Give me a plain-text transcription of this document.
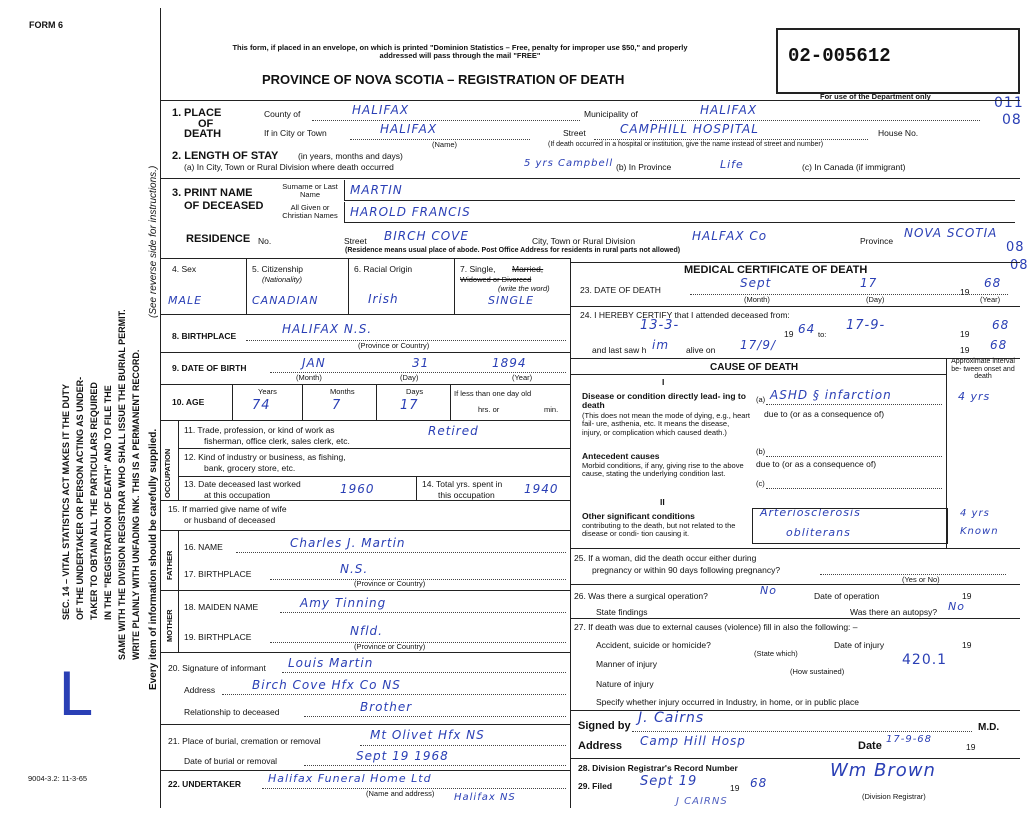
FORM 6
9004-3.2: 11-3-65
L
SEC. 14 – VITAL STATISTICS ACT MAKES IT THE DUTY OF THE UNDERTAKER OR PERSON ACTING AS UNDER- TAKER TO OBTAIN ALL THE PARTICULARS REQUIRED IN THE "REGISTRATION OF DEATH" AND TO FILE THE SAME WITH THE DIVISION REGISTRAR WHO SHALL ISSUE THE BURIAL PERMIT. WRITE PLAINLY WITH UNFADING INK. THIS IS A PERMANENT RECORD. Every item of information should be carefully supplied.
(See reverse side for instructions.)
This form, if placed in an envelope, on which is printed "Dominion Statistics – Free, penalty for improper use $50," and properly addressed will pass through the mail "FREE"
PROVINCE OF NOVA SCOTIA – REGISTRATION OF DEATH
02-005612
For use of the Department only	011
08
08
08
1. PLACE
OF
DEATH
County of	HALIFAX	Municipality of	HALIFAX
If in City or Town	HALIFAX
(Name)
Street	CAMPHILL HOSPITAL	House No.
(If death occurred in a hospital or institution, give the name instead of street and number)
2. LENGTH OF STAY (in years, months and days)
(a) In City, Town or Rural Division where death occurred	5 yrs Campbell (b) In Province	Life	(c) In Canada (if immigrant)
3. PRINT NAME
OF DECEASED
Surname or Last Name	MARTIN
All Given or Christian Names HAROLD FRANCIS
RESIDENCE No.	Street BIRCH COVE	City, Town or Rural Division	HALFAX Co	Province
NOVA SCOTIA
(Residence means usual place of abode. Post Office Address for residents in rural parts not allowed)
4. Sex
MALE
5. Citizenship
(Nationality)
CANADIAN
6. Racial Origin
Irish
7. Single, Married,
Widowed or Divorced
(write the word)
SINGLE
8. BIRTHPLACE	HALIFAX N.S.
(Province or Country)
9. DATE OF BIRTH	JAN	31	1894
(Month)	(Day)	(Year)
10. AGE
Years	Months	Days
74	7	17
If less than one day old
hrs. or	min.
OCCUPATION
11. Trade, profession, or kind of work as
fisherman, office clerk, sales clerk, etc.
Retired
12. Kind of industry or business, as fishing,
bank, grocery store, etc.
13. Date deceased last worked
at this occupation	1960	14. Total yrs. spent in
this occupation 1940
15. If married give name of wife
or husband of deceased
FATHER
16. NAME	Charles J. Martin
17. BIRTHPLACE	N.S.
(Province or Country)
MOTHER
18. MAIDEN NAME	Amy Tinning
19. BIRTHPLACE	Nfld.
(Province or Country)
20. Signature of informant Louis Martin
Address	Birch Cove Hfx Co NS
Relationship to deceased	Brother
21. Place of burial, cremation or removal	Mt Olivet Hfx NS
Date of burial or removal	Sept 19 1968
22. UNDERTAKER Halifax Funeral Home Ltd
Halifax NS
(Name and address)
MEDICAL CERTIFICATE OF DEATH
23. DATE OF DEATH	Sept	17
19
68
(Month)	(Day)	(Year)
24. I HEREBY CERTIFY that I attended deceased from:
13-3-
19 64 to:
17-9-
19
68
and last saw h im alive on 17/9/	19 68
CAUSE OF DEATH
Approximate interval be- tween onset and death
I
Disease or condition directly lead- ing to death
(This does not mean the mode of dying, e.g., heart fail- ure, asthenia, etc. It means the disease, injury, or complication which caused death.)
(a) ASHD § infarction	4 yrs
due to (or as a consequence of)
Antecedent causes
Morbid conditions, if any, giving rise to the above cause, stating the underlying condition last.
(b)
due to (or as a consequence of)
(c)
II
Other significant conditions
contributing to the death, but not related to the disease or condi- tion causing it.
Arteriosclerosis
obliterans
4 yrs
Known
25. If a woman, did the death occur either during
pregnancy or within 90 days following pregnancy?
(Yes or No)
26. Was there a surgical operation?	No	Date of operation	19
State findings	Was there an autopsy? No
27. If death was due to external causes (violence) fill in also the following: –
Accident, suicide or homicide?	Date of injury	19
(State which)
Manner of injury	420.1
(How sustained)
Nature of injury
Specify whether injury occurred in Industry, in home, or in public place
Signed by J. Cairns
M.D.
Address Camp Hill Hosp	Date
17-9-68
19
28. Division Registrar's Record Number
29. Filed Sept 19	19 68
Wm Brown
(Division Registrar)
J CAIRNS
